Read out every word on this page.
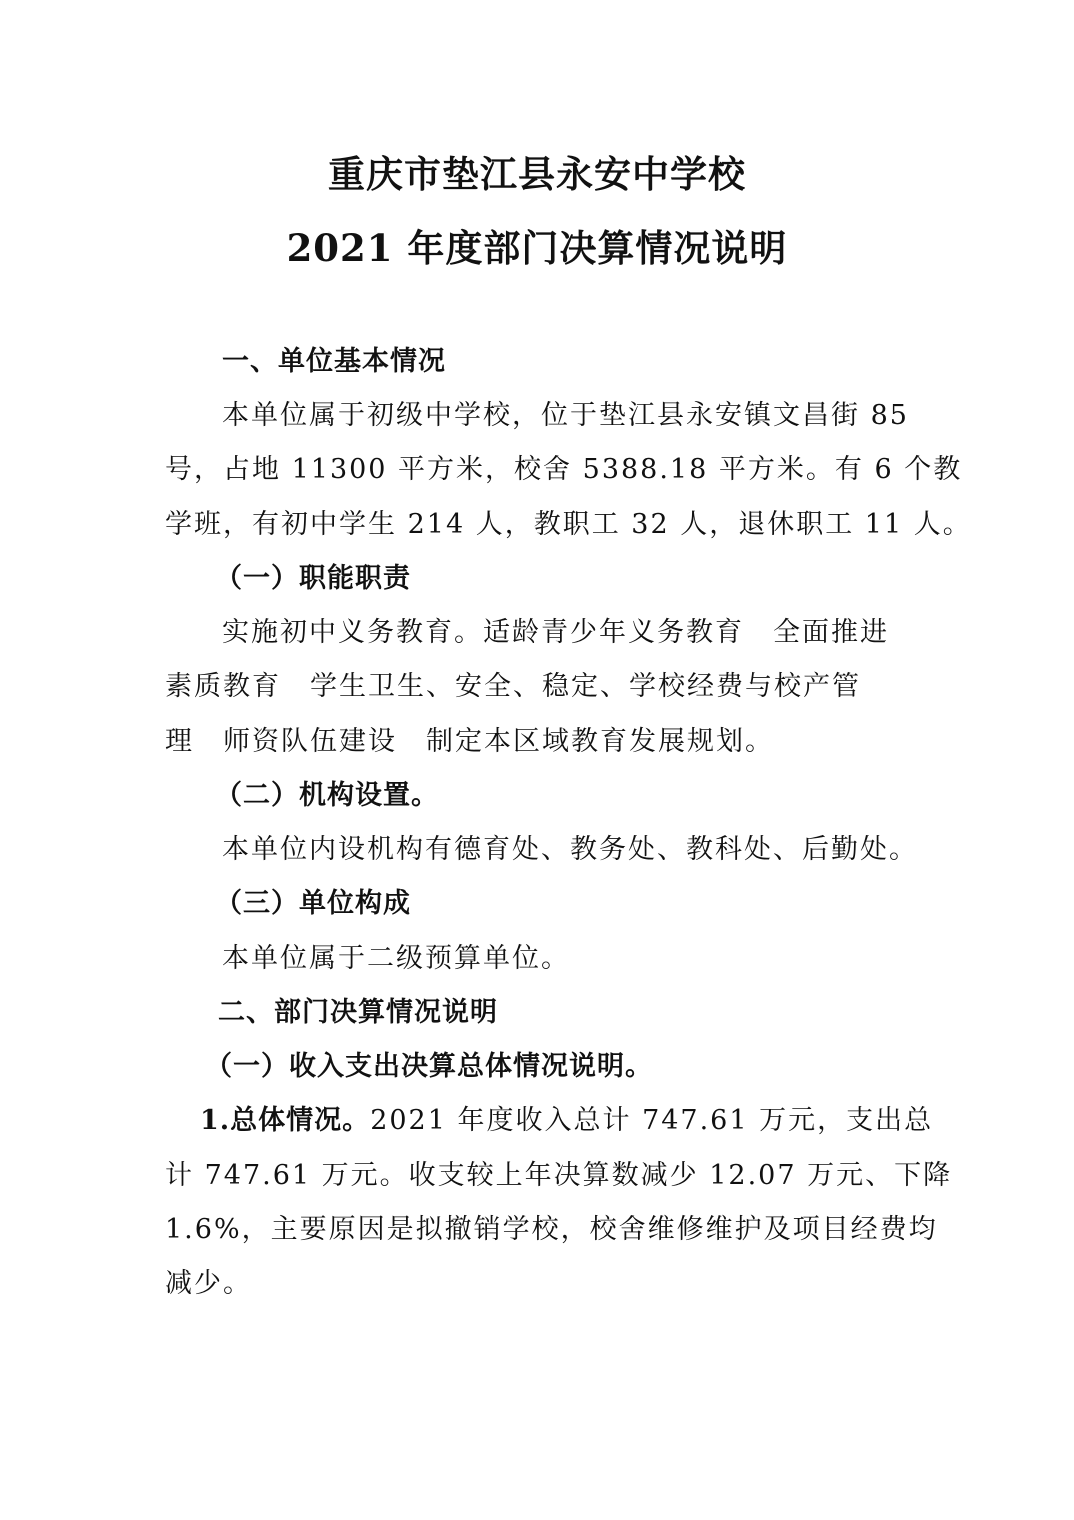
重庆市垫江县永安中学校
2021 年度部门决算情况说明

一、单位基本情况

本单位属于初级中学校，位于垫江县永安镇文昌街 85

号，占地 11300 平方米，校舍 5388.18 平方米。有 6 个教

学班，有初中学生 214 人，教职工 32 人，退休职工 11 人。

（一）职能职责

实施初中义务教育。适龄青少年义务教育　全面推进

素质教育　学生卫生、安全、稳定、学校经费与校产管

理　师资队伍建设　制定本区域教育发展规划。

（二）机构设置。

本单位内设机构有德育处、教务处、教科处、后勤处。

（三）单位构成

本单位属于二级预算单位。

二、部门决算情况说明

（一）收入支出决算总体情况说明。

1.总体情况。2021 年度收入总计 747.61 万元，支出总

计 747.61 万元。收支较上年决算数减少 12.07 万元、下降

1.6%，主要原因是拟撤销学校，校舍维修维护及项目经费均

减少。
